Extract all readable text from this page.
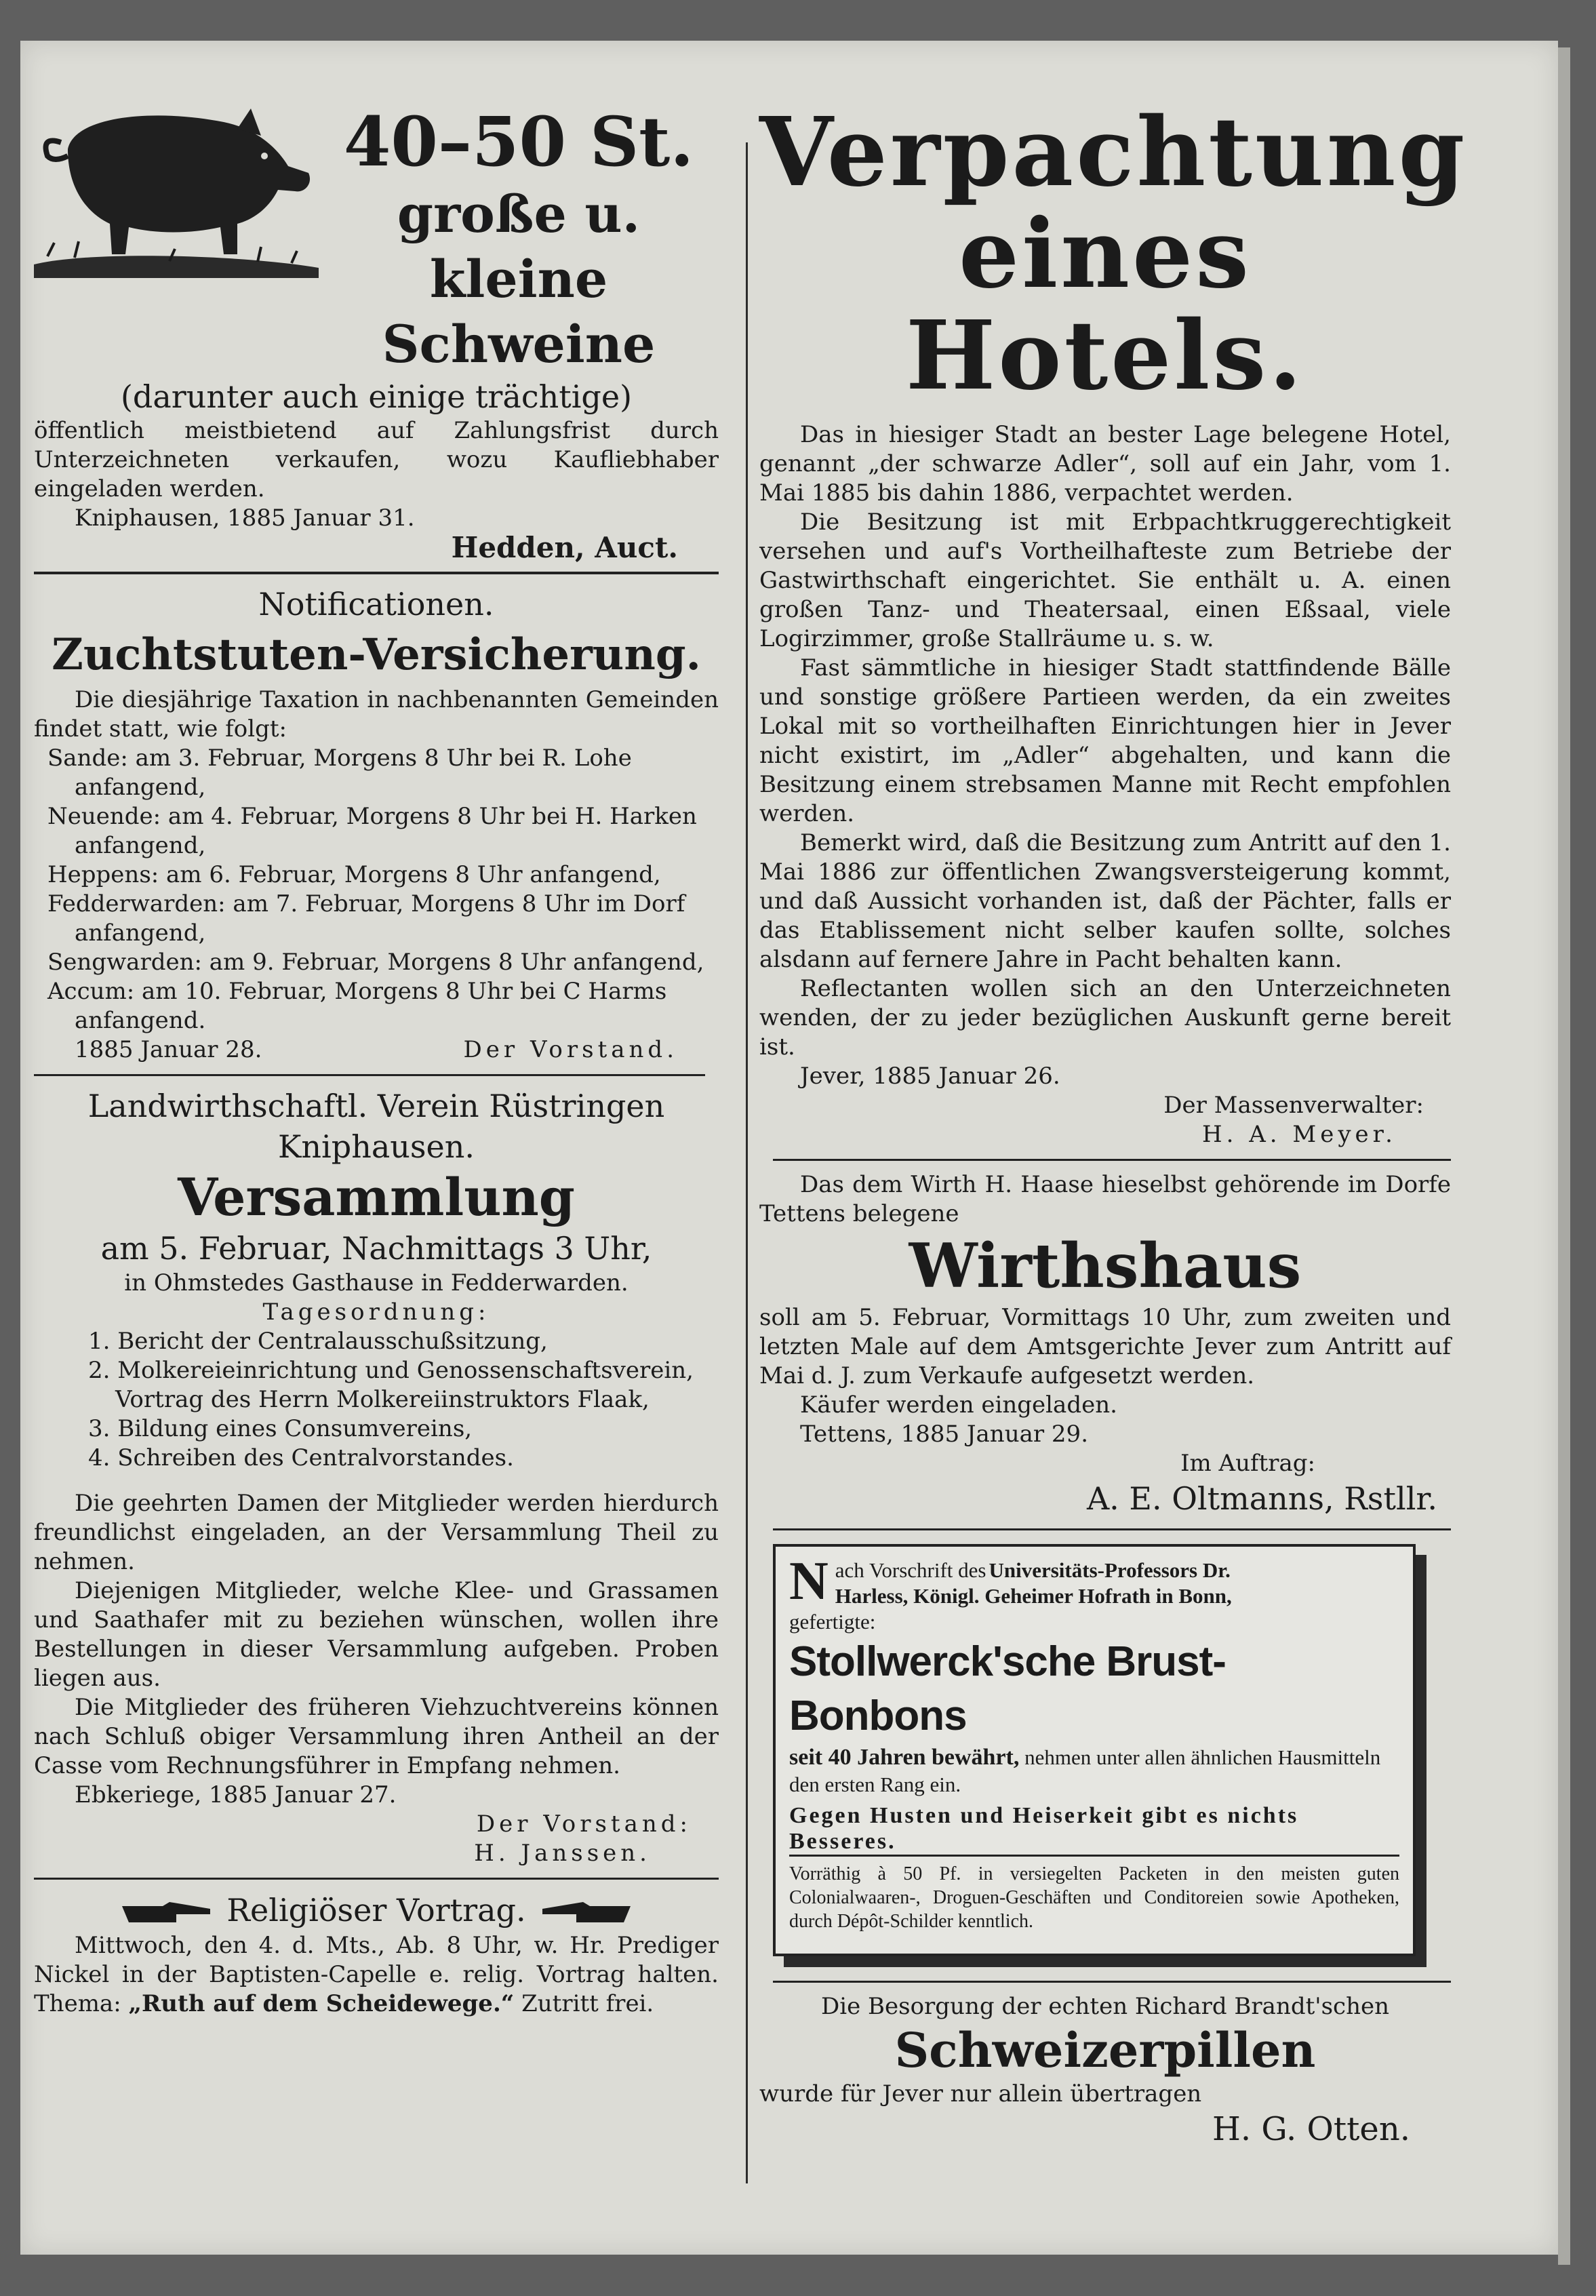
40–50 St.
große u. kleine
Schweine
(darunter auch einige trächtige)

öffentlich meistbietend auf Zahlungsfrist durch Unterzeichneten verkaufen, wozu Kaufliebhaber eingeladen werden.

Kniphausen, 1885 Januar 31.

Hedden, Auct.

Notificationen.
Zuchtstuten-Versicherung.

Die diesjährige Taxation in nachbenannten Gemeinden findet statt, wie folgt:

Sande: am 3. Februar, Morgens 8 Uhr bei R. Lohe anfangend,
Neuende: am 4. Februar, Morgens 8 Uhr bei H. Harken anfangend,
Heppens: am 6. Februar, Morgens 8 Uhr anfangend,
Fedderwarden: am 7. Februar, Morgens 8 Uhr im Dorf anfangend,
Sengwarden: am 9. Februar, Morgens 8 Uhr anfangend,
Accum: am 10. Februar, Morgens 8 Uhr bei C Harms anfangend.
1885 Januar 28.	Der Vorstand.
Landwirthschaftl. Verein Rüstringen
Kniphausen.
Versammlung
am 5. Februar, Nachmittags 3 Uhr,

in Ohmstedes Gasthause in Fedderwarden.

Tagesordnung:

1. Bericht der Centralausschußsitzung,
2. Molkereieinrichtung und Genossenschaftsverein, Vortrag des Herrn Molkereiinstruktors Flaak,
3. Bildung eines Consumvereins,
4. Schreiben des Centralvorstandes.

Die geehrten Damen der Mitglieder werden hierdurch freundlichst eingeladen, an der Versammlung Theil zu nehmen.

Diejenigen Mitglieder, welche Klee- und Grassamen und Saathafer mit zu beziehen wünschen, wollen ihre Bestellungen in dieser Versammlung aufgeben. Proben liegen aus.

Die Mitglieder des früheren Viehzuchtvereins können nach Schluß obiger Versammlung ihren Antheil an der Casse vom Rechnungsführer in Empfang nehmen.

Ebkeriege, 1885 Januar 27.

Der Vorstand:

H. Janssen.

Religiöser Vortrag.

Mittwoch, den 4. d. Mts., Ab. 8 Uhr, w. Hr. Prediger Nickel in der Baptisten-Capelle e. relig. Vortrag halten. Thema: „Ruth auf dem Scheidewege.“ Zutritt frei.

Verpachtung
eines Hotels.

Das in hiesiger Stadt an bester Lage belegene Hotel, genannt „der schwarze Adler“, soll auf ein Jahr, vom 1. Mai 1885 bis dahin 1886, verpachtet werden.

Die Besitzung ist mit Erbpachtkruggerechtigkeit versehen und auf's Vortheilhafteste zum Betriebe der Gastwirthschaft eingerichtet. Sie enthält u. A. einen großen Tanz- und Theatersaal, einen Eßsaal, viele Logirzimmer, große Stallräume u. s. w.

Fast sämmtliche in hiesiger Stadt stattfindende Bälle und sonstige größere Partieen werden, da ein zweites Lokal mit so vortheilhaften Einrichtungen hier in Jever nicht existirt, im „Adler“ abgehalten, und kann die Besitzung einem strebsamen Manne mit Recht empfohlen werden.

Bemerkt wird, daß die Besitzung zum Antritt auf den 1. Mai 1886 zur öffentlichen Zwangsversteigerung kommt, und daß Aussicht vorhanden ist, daß der Pächter, falls er das Etablissement nicht selber kaufen sollte, solches alsdann auf fernere Jahre in Pacht behalten kann.

Reflectanten wollen sich an den Unterzeichneten wenden, der zu jeder bezüglichen Auskunft gerne bereit ist.

Jever, 1885 Januar 26.

Der Massenverwalter:

H. A. Meyer.

Das dem Wirth H. Haase hieselbst gehörende im Dorfe Tettens belegene

Wirthshaus

soll am 5. Februar, Vormittags 10 Uhr, zum zweiten und letzten Male auf dem Amtsgerichte Jever zum Antritt auf Mai d. J. zum Verkaufe aufgesetzt werden.

Käufer werden eingeladen.

Tettens, 1885 Januar 29.

Im Auftrag:

A. E. Oltmanns, Rstllr.

N ach Vorschrift des Universitäts-Professors Dr.
Harless, Königl. Geheimer Hofrath in Bonn,

gefertigte:
Stollwerck'sche Brust-Bonbons
seit 40 Jahren bewährt, nehmen unter allen ähnlichen Hausmitteln den ersten Rang ein.
Gegen Husten und Heiserkeit gibt es nichts Besseres.
Vorräthig à 50 Pf. in versiegelten Packeten in den meisten guten Colonialwaaren-, Droguen-Geschäften und Conditoreien sowie Apotheken, durch Dépôt-Schilder kenntlich.

Die Besorgung der echten Richard Brandt'schen

Schweizerpillen

wurde für Jever nur allein übertragen

H. G. Otten.
